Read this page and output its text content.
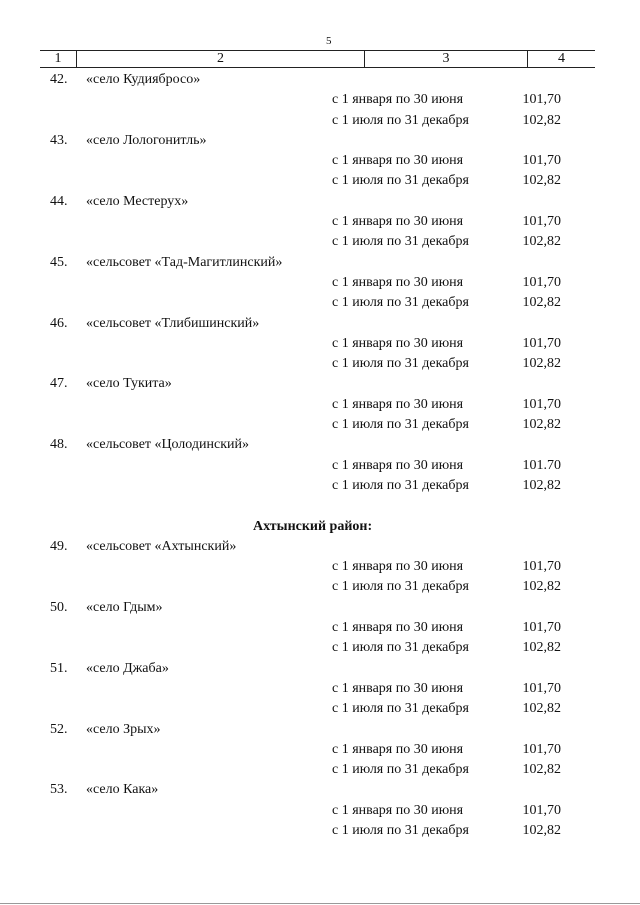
5
1	2	3	4
42. «село Кудиябросо»
с 1 января по 30 июня	101,70
с 1 июля по 31 декабря	102,82
43. «село Лологонитль»
с 1 января по 30 июня	101,70
с 1 июля по 31 декабря	102,82
44. «село Местерух»
с 1 января по 30 июня	101,70
с 1 июля по 31 декабря	102,82
45. «сельсовет «Тад-Магитлинский»
с 1 января по 30 июня	101,70
с 1 июля по 31 декабря	102,82
46. «сельсовет «Тлибишинский»
с 1 января по 30 июня	101,70
с 1 июля по 31 декабря	102,82
47. «село Тукита»
с 1 января по 30 июня	101,70
с 1 июля по 31 декабря	102,82
48. «сельсовет «Цолодинский»
с 1 января по 30 июня	101.70
с 1 июля по 31 декабря	102,82
Ахтынский район:
49. «сельсовет «Ахтынский»
с 1 января по 30 июня	101,70
с 1 июля по 31 декабря	102,82
50. «село Гдым»
с 1 января по 30 июня	101,70
с 1 июля по 31 декабря	102,82
51. «село Джаба»
с 1 января по 30 июня	101,70
с 1 июля по 31 декабря	102,82
52. «село Зрых»
с 1 января по 30 июня	101,70
с 1 июля по 31 декабря	102,82
53. «село Кака»
с 1 января по 30 июня	101,70
с 1 июля по 31 декабря	102,82
